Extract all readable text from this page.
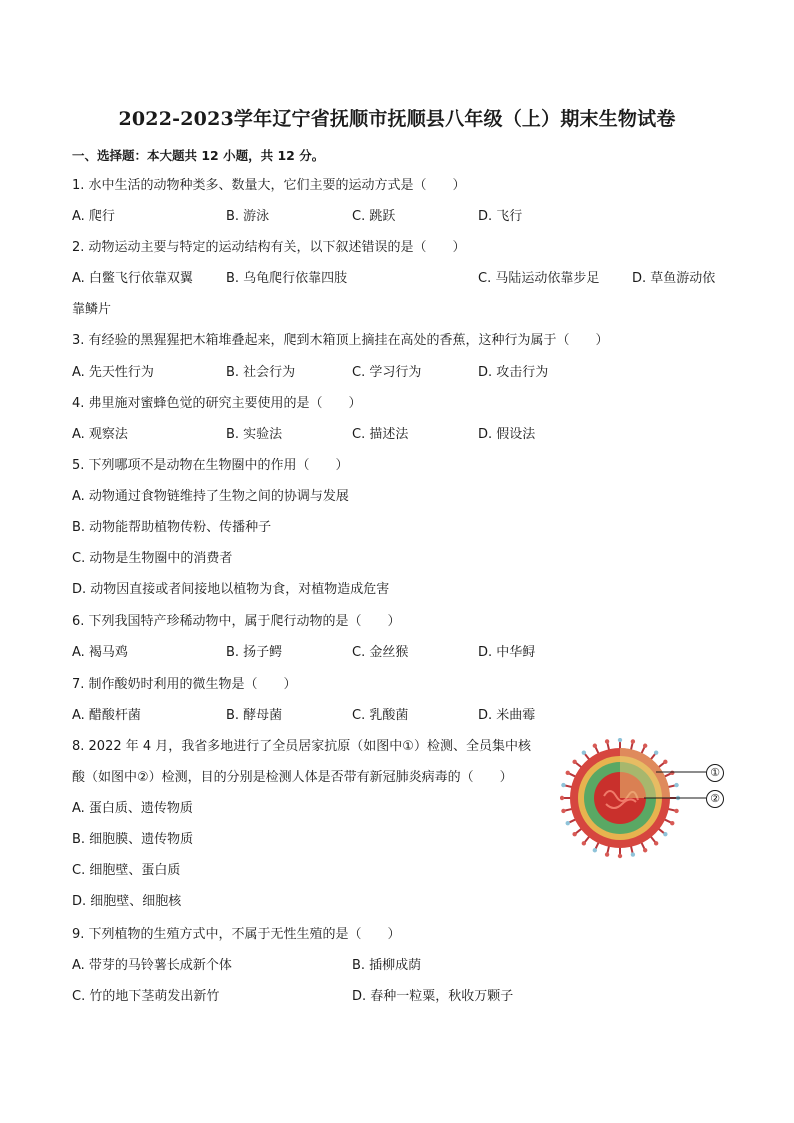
2022-2023学年辽宁省抚顺市抚顺县八年级（上）期末生物试卷
一、选择题：本大题共 12 小题，共 12 分。
1. 水中生活的动物种类多、数量大，它们主要的运动方式是（　　）
A. 爬行	B. 游泳	C. 跳跃	D. 飞行
2. 动物运动主要与特定的运动结构有关，以下叙述错误的是（　　）
A. 白鳖飞行依靠双翼	B. 乌龟爬行依靠四肢	C. 马陆运动依靠步足	D. 草鱼游动依
靠鳞片
3. 有经验的黑猩猩把木箱堆叠起来，爬到木箱顶上摘挂在高处的香蕉，这种行为属于（　　）
A. 先天性行为	B. 社会行为	C. 学习行为	D. 攻击行为
4. 弗里施对蜜蜂色觉的研究主要使用的是（　　）
A. 观察法	B. 实验法	C. 描述法	D. 假设法
5. 下列哪项不是动物在生物圈中的作用（　　）
A. 动物通过食物链维持了生物之间的协调与发展
B. 动物能帮助植物传粉、传播种子
C. 动物是生物圈中的消费者
D. 动物因直接或者间接地以植物为食，对植物造成危害
6. 下列我国特产珍稀动物中，属于爬行动物的是（　　）
A. 褐马鸡	B. 扬子鳄	C. 金丝猴	D. 中华鲟
7. 制作酸奶时利用的微生物是（　　）
A. 醋酸杆菌	B. 酵母菌	C. 乳酸菌	D. 米曲霉
8. 2022 年 4 月，我省多地进行了全员居家抗原（如图中①）检测、全员集中核
酸（如图中②）检测，目的分别是检测人体是否带有新冠肺炎病毒的（　　）
A. 蛋白质、遗传物质
B. 细胞膜、遗传物质
C. 细胞壁、蛋白质
D. 细胞壁、细胞核
①
②
9. 下列植物的生殖方式中，不属于无性生殖的是（　　）
A. 带芽的马铃薯长成新个体	B. 插柳成荫
C. 竹的地下茎萌发出新竹	D. 春种一粒粟，秋收万颗子
